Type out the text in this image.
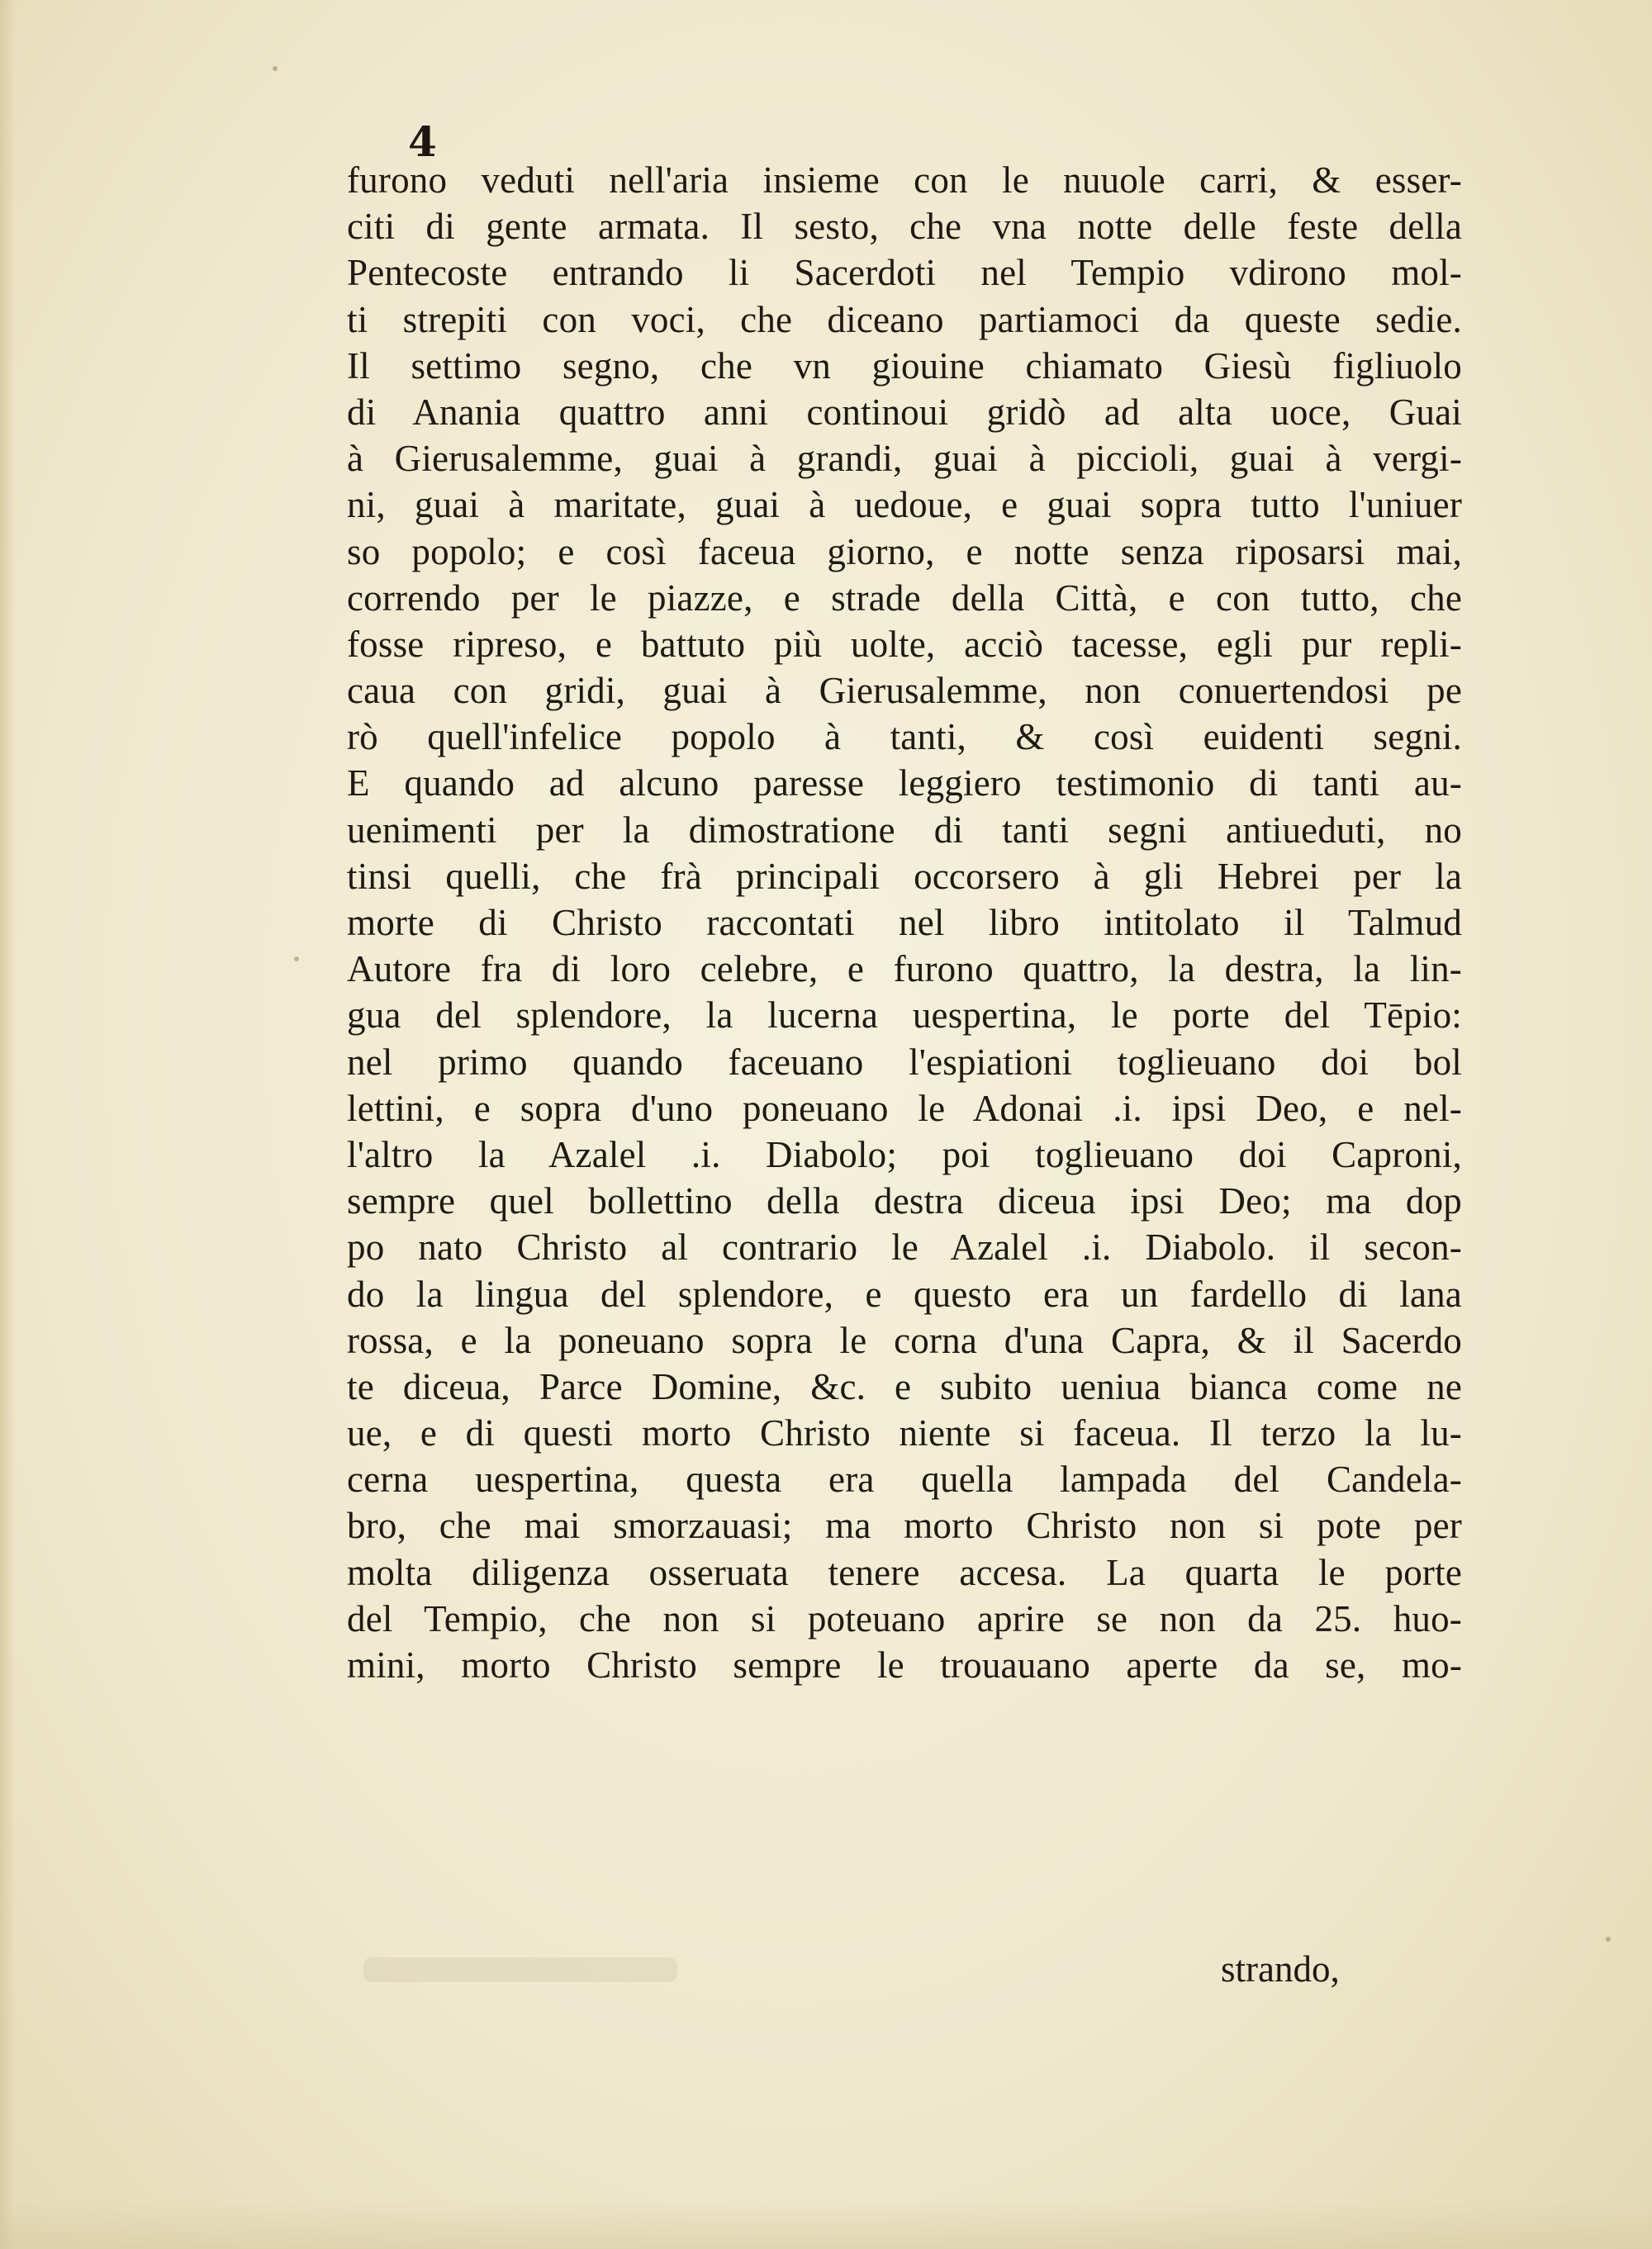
4
furono veduti nell'aria insieme con le nuuole carri, & esser-
citi di gente armata. Il sesto, che vna notte delle feste della
Pentecoste entrando li Sacerdoti nel Tempio vdirono mol-
ti strepiti con voci, che diceano partiamoci da queste sedie.
Il settimo segno, che vn giouine chiamato Giesù figliuolo
di Anania quattro anni continoui gridò ad alta uoce, Guai
à Gierusalemme, guai à grandi, guai à piccioli, guai à vergi-
ni, guai à maritate, guai à uedoue, e guai sopra tutto l'uniuer
so popolo; e così faceua giorno, e notte senza riposarsi mai,
correndo per le piazze, e strade della Città, e con tutto, che
fosse ripreso, e battuto più uolte, acciò tacesse, egli pur repli-
caua con gridi, guai à Gierusalemme, non conuertendosi pe
rò quell'infelice popolo à tanti, & così euidenti segni.
E quando ad alcuno paresse leggiero testimonio di tanti au-
uenimenti per la dimostratione di tanti segni antiueduti, no
tinsi quelli, che frà principali occorsero à gli Hebrei per la
morte di Christo raccontati nel libro intitolato il Talmud
Autore fra di loro celebre, e furono quattro, la destra, la lin-
gua del splendore, la lucerna uespertina, le porte del Tēpio:
nel primo quando faceuano l'espiationi toglieuano doi bol
lettini, e sopra d'uno poneuano le Adonai .i. ipsi Deo, e nel-
l'altro la Azalel .i. Diabolo; poi toglieuano doi Caproni,
sempre quel bollettino della destra diceua ipsi Deo; ma dop
po nato Christo al contrario le Azalel .i. Diabolo. il secon-
do la lingua del splendore, e questo era un fardello di lana
rossa, e la poneuano sopra le corna d'una Capra, & il Sacerdo
te diceua, Parce Domine, &c. e subito ueniua bianca come ne
ue, e di questi morto Christo niente si faceua. Il terzo la lu-
cerna uespertina, questa era quella lampada del Candela-
bro, che mai smorzauasi; ma morto Christo non si pote per
molta diligenza osseruata tenere accesa. La quarta le porte
del Tempio, che non si poteuano aprire se non da 25. huo-
mini, morto Christo sempre le trouauano aperte da se, mo-
strando,
